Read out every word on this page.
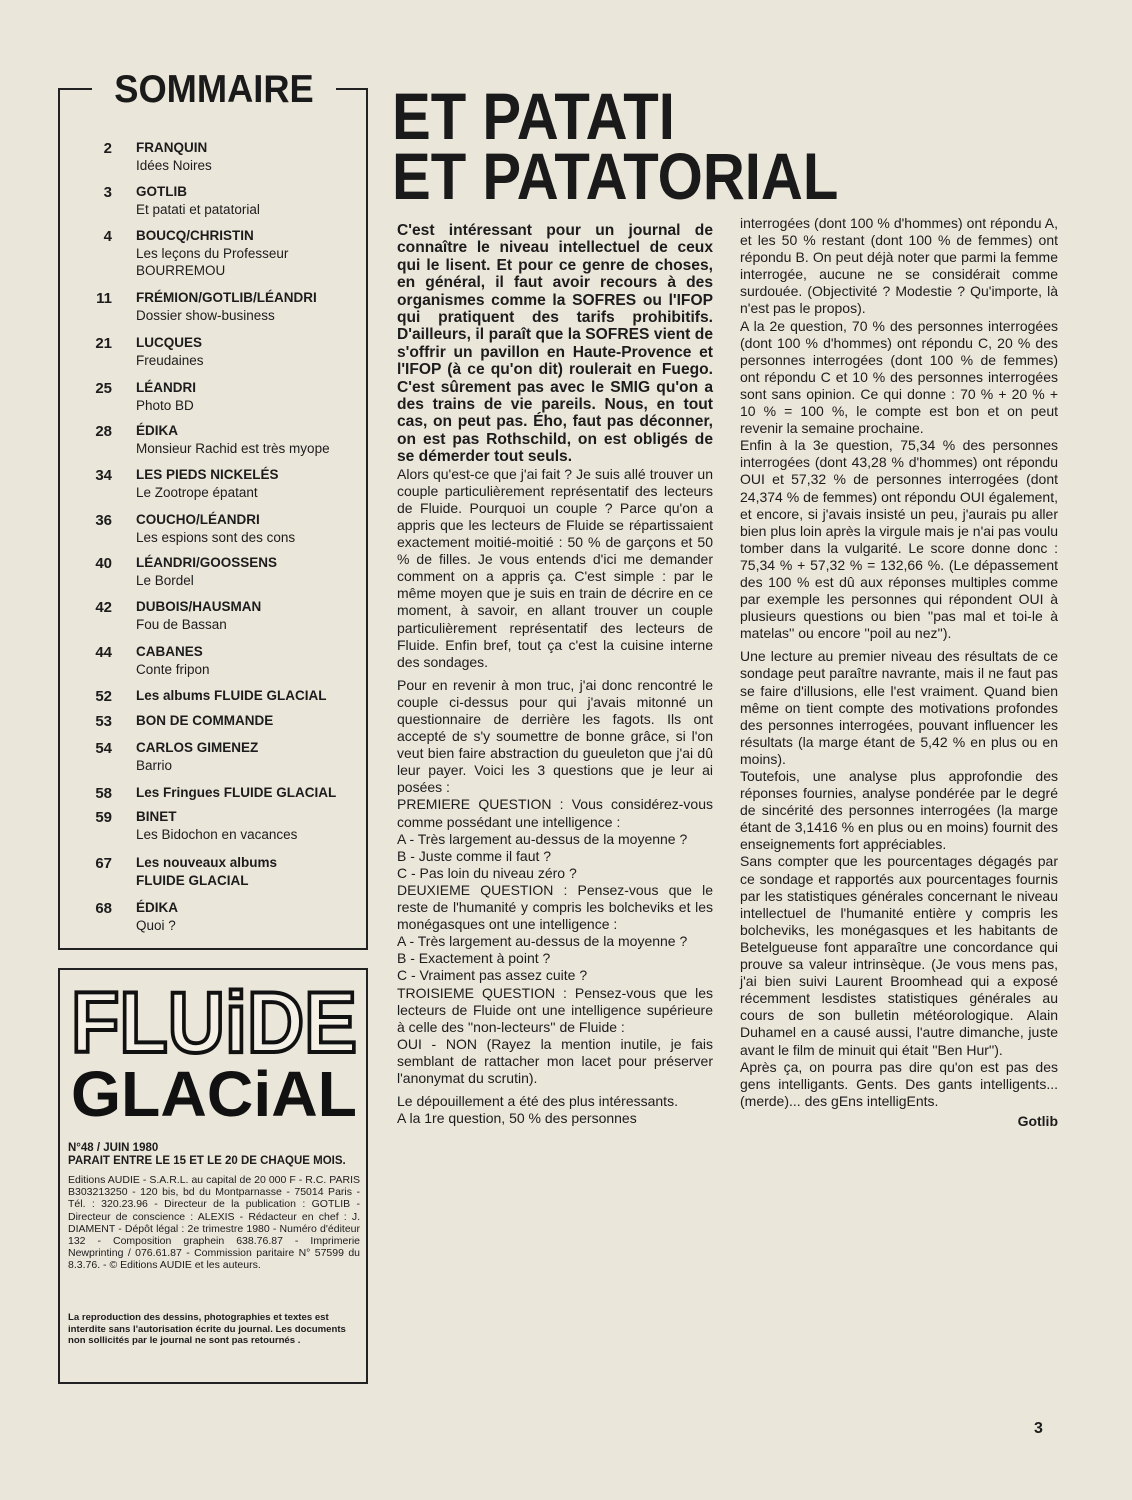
SOMMAIRE
2 FRANQUIN
Idées Noires
3 GOTLIB
Et patati et patatorial
4 BOUCQ/CHRISTIN
Les leçons du Professeur
BOURREMOU
11 FRÉMION/GOTLIB/LÉANDRI
Dossier show-business
21 LUCQUES
Freudaines
25 LÉANDRI
Photo BD
28 ÉDIKA
Monsieur Rachid est très myope
34 LES PIEDS NICKELÉS
Le Zootrope épatant
36 COUCHO/LÉANDRI
Les espions sont des cons
40 LÉANDRI/GOOSSENS
Le Bordel
42 DUBOIS/HAUSMAN
Fou de Bassan
44 CABANES
Conte fripon
52 Les albums FLUIDE GLACIAL
53 BON DE COMMANDE
54 CARLOS GIMENEZ
Barrio
58 Les Fringues FLUIDE GLACIAL
59 BINET
Les Bidochon en vacances
67 Les nouveaux albums
FLUIDE GLACIAL
68 ÉDIKA
Quoi ?
FLUiDE
GLACiAL
N°48 / JUIN 1980
PARAIT ENTRE LE 15 ET LE 20 DE CHAQUE MOIS.
Editions AUDIE - S.A.R.L. au capital de 20 000 F - R.C. PARIS B303213250 - 120 bis, bd du Montparnasse - 75014 Paris - Tél. : 320.23.96 - Directeur de la publication : GOTLIB - Directeur de conscience : ALEXIS - Rédacteur en chef : J. DIAMENT - Dépôt légal : 2e trimestre 1980 - Numéro d'éditeur 132 - Composition graphein 638.76.87 - Imprimerie Newprinting / 076.61.87 - Commission paritaire N° 57599 du 8.3.76. - © Editions AUDIE et les auteurs.
La reproduction des dessins, photographies et textes est interdite sans l'autorisation écrite du journal. Les documents non sollicités par le journal ne sont pas retournés .
ET PATATI
ET PATATORIAL

C'est intéressant pour un journal de connaître le niveau intellectuel de ceux qui le lisent. Et pour ce genre de choses, en général, il faut avoir recours à des organismes comme la SOFRES ou l'IFOP qui pratiquent des tarifs prohibitifs. D'ailleurs, il paraît que la SOFRES vient de s'offrir un pavillon en Haute-Provence et l'IFOP (à ce qu'on dit) roulerait en Fuego. C'est sûrement pas avec le SMIG qu'on a des trains de vie pareils. Nous, en tout cas, on peut pas. Ého, faut pas déconner, on est pas Rothschild, on est obligés de se démerder tout seuls.

Alors qu'est-ce que j'ai fait ? Je suis allé trouver un couple particulièrement représentatif des lecteurs de Fluide. Pourquoi un couple ? Parce qu'on a appris que les lecteurs de Fluide se répartissaient exactement moitié-moitié : 50 % de garçons et 50 % de filles. Je vous entends d'ici me demander comment on a appris ça. C'est simple : par le même moyen que je suis en train de décrire en ce moment, à savoir, en allant trouver un couple particulièrement représentatif des lecteurs de Fluide. Enfin bref, tout ça c'est la cuisine interne des sondages.

Pour en revenir à mon truc, j'ai donc rencontré le couple ci-dessus pour qui j'avais mitonné un questionnaire de derrière les fagots. Ils ont accepté de s'y soumettre de bonne grâce, si l'on veut bien faire abstraction du gueuleton que j'ai dû leur payer. Voici les 3 questions que je leur ai posées :

PREMIERE QUESTION : Vous considérez-vous comme possédant une intelligence :

A - Très largement au-dessus de la moyenne ?

B - Juste comme il faut ?

C - Pas loin du niveau zéro ?

DEUXIEME QUESTION : Pensez-vous que le reste de l'humanité y compris les bolcheviks et les monégasques ont une intelligence :

A - Très largement au-dessus de la moyenne ?

B - Exactement à point ?

C - Vraiment pas assez cuite ?

TROISIEME QUESTION : Pensez-vous que les lecteurs de Fluide ont une intelligence supérieure à celle des ''non-lecteurs'' de Fluide :

OUI - NON (Rayez la mention inutile, je fais semblant de rattacher mon lacet pour préserver l'anonymat du scrutin).

Le dépouillement a été des plus intéressants.

A la 1re question, 50 % des personnes

interrogées (dont 100 % d'hommes) ont répondu A, et les 50 % restant (dont 100 % de femmes) ont répondu B. On peut déjà noter que parmi la femme interrogée, aucune ne se considérait comme surdouée. (Objectivité ? Modestie ? Qu'importe, là n'est pas le propos).

A la 2e question, 70 % des personnes interrogées (dont 100 % d'hommes) ont répondu C, 20 % des personnes interrogées (dont 100 % de femmes) ont répondu C et 10 % des personnes interrogées sont sans opinion. Ce qui donne : 70 % + 20 % + 10 % = 100 %, le compte est bon et on peut revenir la semaine prochaine.

Enfin à la 3e question, 75,34 % des personnes interrogées (dont 43,28 % d'hommes) ont répondu OUI et 57,32 % de personnes interrogées (dont 24,374 % de femmes) ont répondu OUI également, et encore, si j'avais insisté un peu, j'aurais pu aller bien plus loin après la virgule mais je n'ai pas voulu tomber dans la vulgarité. Le score donne donc : 75,34 % + 57,32 % = 132,66 %. (Le dépassement des 100 % est dû aux réponses multiples comme par exemple les personnes qui répondent OUI à plusieurs questions ou bien ''pas mal et toi-le à matelas'' ou encore ''poil au nez'').

Une lecture au premier niveau des résultats de ce sondage peut paraître navrante, mais il ne faut pas se faire d'illusions, elle l'est vraiment. Quand bien même on tient compte des motivations profondes des personnes interrogées, pouvant influencer les résultats (la marge étant de 5,42 % en plus ou en moins).

Toutefois, une analyse plus approfondie des réponses fournies, analyse pondérée par le degré de sincérité des personnes interrogées (la marge étant de 3,1416 % en plus ou en moins) fournit des enseignements fort appréciables.

Sans compter que les pourcentages dégagés par ce sondage et rapportés aux pourcentages fournis par les statistiques générales concernant le niveau intellectuel de l'humanité entière y compris les bolcheviks, les monégasques et les habitants de Betelgueuse font apparaître une concordance qui prouve sa valeur intrinsèque. (Je vous mens pas, j'ai bien suivi Laurent Broomhead qui a exposé récemment lesdistes statistiques générales au cours de son bulletin météorologique. Alain Duhamel en a causé aussi, l'autre dimanche, juste avant le film de minuit qui était ''Ben Hur'').

Après ça, on pourra pas dire qu'on est pas des gens intelligants. Gents. Des gants intelligents... (merde)... des gEns intelligEnts.

Gotlib
3
